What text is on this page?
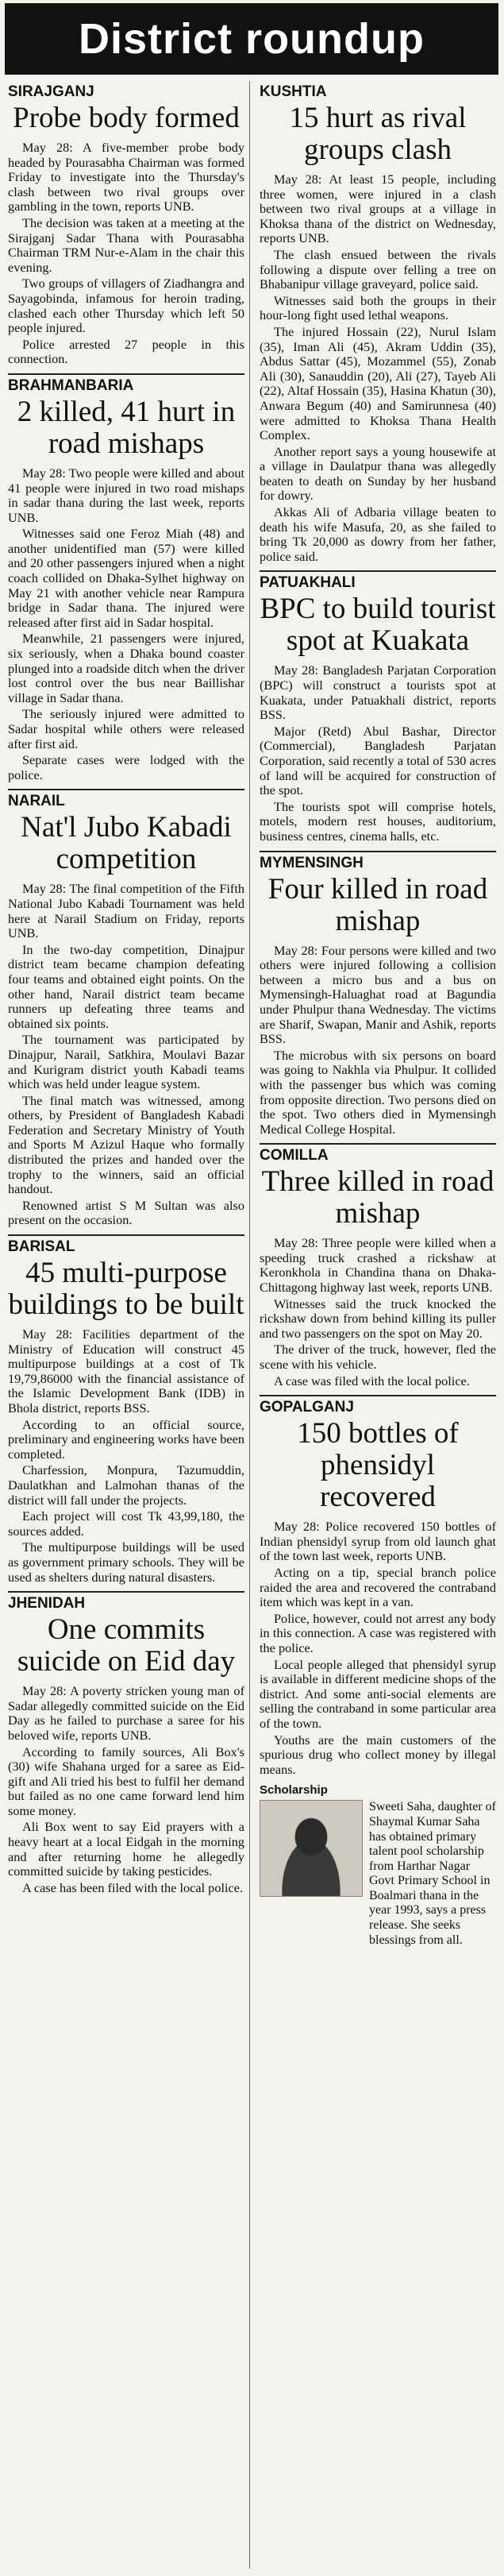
District roundup
SIRAJGANJ
Probe body formed

May 28: A five-member probe body headed by Pourasabha Chairman was formed Friday to investigate into the Thursday's clash between two rival groups over gambling in the town, reports UNB.

The decision was taken at a meeting at the Sirajganj Sadar Thana with Pourasabha Chairman TRM Nur-e-Alam in the chair this evening.

Two groups of villagers of Ziadhangra and Sayagobinda, infamous for heroin trading, clashed each other Thursday which left 50 people injured.

Police arrested 27 people in this connection.

BRAHMANBARIA
2 killed, 41 hurt in road mishaps

May 28: Two people were killed and about 41 people were injured in two road mishaps in sadar thana during the last week, reports UNB.

Witnesses said one Feroz Miah (48) and another unidentified man (57) were killed and 20 other passengers injured when a night coach collided on Dhaka-Sylhet highway on May 21 with another vehicle near Rampura bridge in Sadar thana. The injured were released after first aid in Sadar hospital.

Meanwhile, 21 passengers were injured, six seriously, when a Dhaka bound coaster plunged into a roadside ditch when the driver lost control over the bus near Baillishar village in Sadar thana.

The seriously injured were admitted to Sadar hospital while others were released after first aid.

Separate cases were lodged with the police.

NARAIL
Nat'l Jubo Kabadi competition

May 28: The final competition of the Fifth National Jubo Kabadi Tournament was held here at Narail Stadium on Friday, reports UNB.

In the two-day competition, Dinajpur district team became champion defeating four teams and obtained eight points. On the other hand, Narail district team became runners up defeating three teams and obtained six points.

The tournament was participated by Dinajpur, Narail, Satkhira, Moulavi Bazar and Kurigram district youth Kabadi teams which was held under league system.

The final match was witnessed, among others, by President of Bangladesh Kabadi Federation and Secretary Ministry of Youth and Sports M Azizul Haque who formally distributed the prizes and handed over the trophy to the winners, said an official handout.

Renowned artist S M Sultan was also present on the occasion.

BARISAL
45 multi-purpose buildings to be built

May 28: Facilities department of the Ministry of Education will construct 45 multipurpose buildings at a cost of Tk 19,79,86000 with the financial assistance of the Islamic Development Bank (IDB) in Bhola district, reports BSS.

According to an official source, preliminary and engineering works have been completed.

Charfession, Monpura, Tazumuddin, Daulatkhan and Lalmohan thanas of the district will fall under the projects.

Each project will cost Tk 43,99,180, the sources added.

The multipurpose buildings will be used as government primary schools. They will be used as shelters during natural disasters.

JHENIDAH
One commits suicide on Eid day

May 28: A poverty stricken young man of Sadar allegedly committed suicide on the Eid Day as he failed to purchase a saree for his beloved wife, reports UNB.

According to family sources, Ali Box's (30) wife Shahana urged for a saree as Eid-gift and Ali tried his best to fulfil her demand but failed as no one came forward lend him some money.

Ali Box went to say Eid prayers with a heavy heart at a local Eidgah in the morning and after returning home he allegedly committed suicide by taking pesticides.

A case has been filed with the local police.

KUSHTIA
15 hurt as rival groups clash

May 28: At least 15 people, including three women, were injured in a clash between two rival groups at a village in Khoksa thana of the district on Wednesday, reports UNB.

The clash ensued between the rivals following a dispute over felling a tree on Bhabanipur village graveyard, police said.

Witnesses said both the groups in their hour-long fight used lethal weapons.

The injured Hossain (22), Nurul Islam (35), Iman Ali (45), Akram Uddin (35), Abdus Sattar (45), Mozammel (55), Zonab Ali (30), Sanauddin (20), Ali (27), Tayeb Ali (22), Altaf Hossain (35), Hasina Khatun (30), Anwara Begum (40) and Samirunnesa (40) were admitted to Khoksa Thana Health Complex.

Another report says a young housewife at a village in Daulatpur thana was allegedly beaten to death on Sunday by her husband for dowry.

Akkas Ali of Adbaria village beaten to death his wife Masufa, 20, as she failed to bring Tk 20,000 as dowry from her father, police said.

PATUAKHALI
BPC to build tourist spot at Kuakata

May 28: Bangladesh Parjatan Corporation (BPC) will construct a tourists spot at Kuakata, under Patuakhali district, reports BSS.

Major (Retd) Abul Bashar, Director (Commercial), Bangladesh Parjatan Corporation, said recently a total of 530 acres of land will be acquired for construction of the spot.

The tourists spot will comprise hotels, motels, modern rest houses, auditorium, business centres, cinema halls, etc.

MYMENSINGH
Four killed in road mishap

May 28: Four persons were killed and two others were injured following a collision between a micro bus and a bus on Mymensingh-Haluaghat road at Bagundia under Phulpur thana Wednesday. The victims are Sharif, Swapan, Manir and Ashik, reports BSS.

The microbus with six persons on board was going to Nakhla via Phulpur. It collided with the passenger bus which was coming from opposite direction. Two persons died on the spot. Two others died in Mymensingh Medical College Hospital.

COMILLA
Three killed in road mishap

May 28: Three people were killed when a speeding truck crashed a rickshaw at Keronkhola in Chandina thana on Dhaka-Chittagong highway last week, reports UNB.

Witnesses said the truck knocked the rickshaw down from behind killing its puller and two passengers on the spot on May 20.

The driver of the truck, however, fled the scene with his vehicle.

A case was filed with the local police.

GOPALGANJ
150 bottles of phensidyl recovered

May 28: Police recovered 150 bottles of Indian phensidyl syrup from old launch ghat of the town last week, reports UNB.

Acting on a tip, special branch police raided the area and recovered the contraband item which was kept in a van.

Police, however, could not arrest any body in this connection. A case was registered with the police.

Local people alleged that phensidyl syrup is available in different medicine shops of the district. And some anti-social elements are selling the contraband in some particular area of the town.

Youths are the main customers of the spurious drug who collect money by illegal means.

Scholarship

Sweeti Saha, daughter of Shaymal Kumar Saha has obtained primary talent pool scholarship from Harthar Nagar Govt Primary School in Boalmari thana in the year 1993, says a press release. She seeks blessings from all.
